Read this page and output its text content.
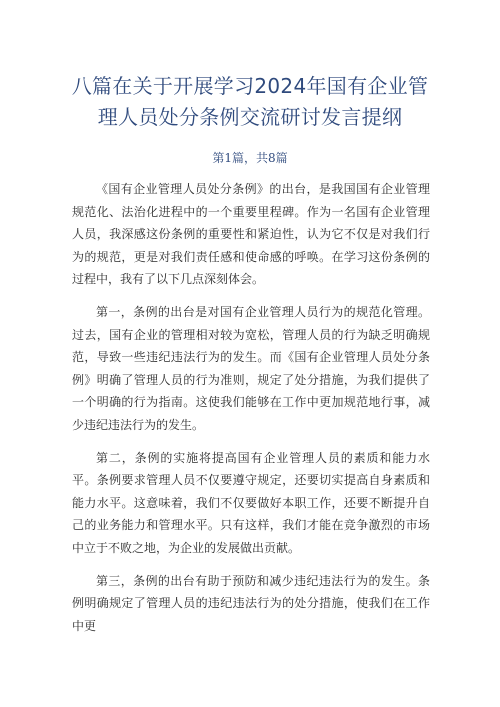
八篇在关于开展学习2024年国有企业管理人员处分条例交流研讨发言提纲
第1篇，共8篇

《国有企业管理人员处分条例》的出台，是我国国有企业管理规范化、法治化进程中的一个重要里程碑。作为一名国有企业管理人员，我深感这份条例的重要性和紧迫性，认为它不仅是对我们行为的规范，更是对我们责任感和使命感的呼唤。在学习这份条例的过程中，我有了以下几点深刻体会。

第一，条例的出台是对国有企业管理人员行为的规范化管理。过去，国有企业的管理相对较为宽松，管理人员的行为缺乏明确规范，导致一些违纪违法行为的发生。而《国有企业管理人员处分条例》明确了管理人员的行为准则，规定了处分措施，为我们提供了一个明确的行为指南。这使我们能够在工作中更加规范地行事，减少违纪违法行为的发生。

第二，条例的实施将提高国有企业管理人员的素质和能力水平。条例要求管理人员不仅要遵守规定，还要切实提高自身素质和能力水平。这意味着，我们不仅要做好本职工作，还要不断提升自己的业务能力和管理水平。只有这样，我们才能在竞争激烈的市场中立于不败之地，为企业的发展做出贡献。

第三，条例的出台有助于预防和减少违纪违法行为的发生。条例明确规定了管理人员的违纪违法行为的处分措施，使我们在工作中更
